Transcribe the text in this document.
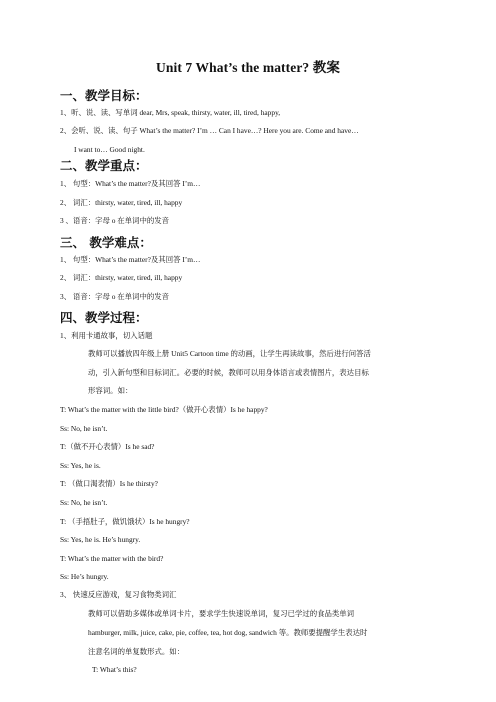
Unit 7 What’s the matter? 教案
一、教学目标：
1、听、说、读、写单词 dear, Mrs, speak, thirsty, water, ill, tired, happy,
2、会听、说、读、句子 What’s the matter? I’m … Can I have…? Here you are. Come and have…
I want to… Good night.
二、教学重点：
1、 句型：What’s the matter?及其回答 I’m…
2、 词汇：thirsty, water, tired, ill, happy
3 、语音：字母 o 在单词中的发音
三、 教学难点：
1、 句型：What’s the matter?及其回答 I’m…
2、 词汇：thirsty, water, tired, ill, happy
3、 语音：字母 o 在单词中的发音
四、教学过程：
1、利用卡通故事，切入话题
教师可以播放四年级上册 Unit5 Cartoon time 的动画，让学生再读故事，然后进行问答活
动，引入新句型和目标词汇。必要的时候，教师可以用身体语言或表情图片，表达目标
形容词。如：
T: What’s the matter with the little bird?（做开心表情）Is he happy?
Ss: No, he isn’t.
T:（做不开心表情）Is he sad?
Ss: Yes, he is.
T: （做口渴表情）Is he thirsty?
Ss: No, he isn’t.
T: （手捂肚子，做饥饿状）Is he hungry?
Ss: Yes, he is. He’s hungry.
T: What’s the matter with the bird?
Ss: He’s hungry.
3、 快速反应游戏，复习食物类词汇
教师可以借助多媒体或单词卡片，要求学生快速说单词，复习已学过的食品类单词
hamburger, milk, juice, cake, pie, coffee, tea, hot dog, sandwich 等。教师要提醒学生表达时
注意名词的单复数形式。如：
T: What’s this?
